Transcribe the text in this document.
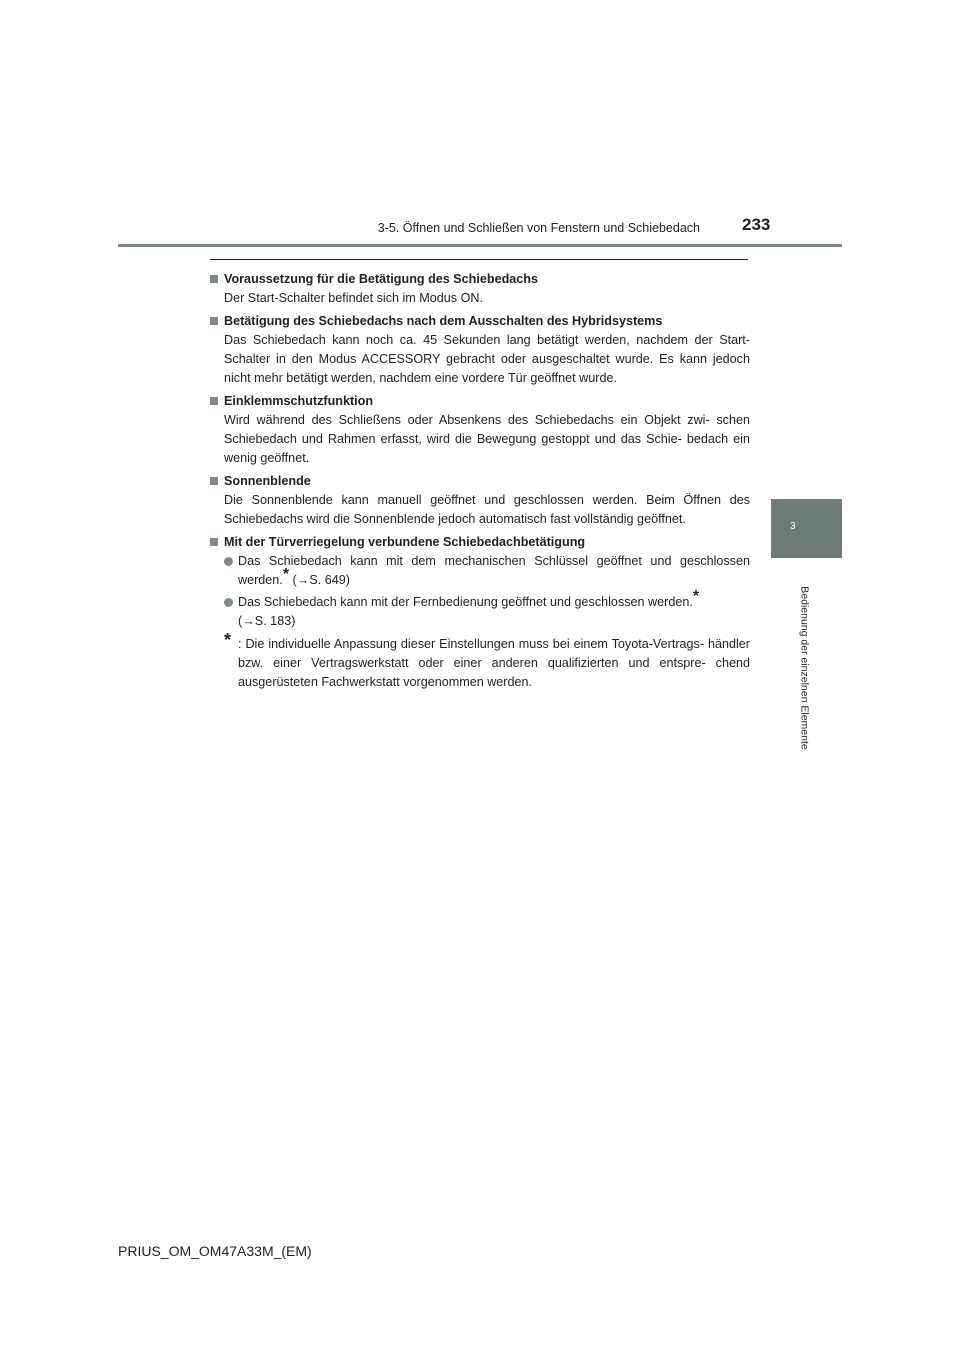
3-5. Öffnen und Schließen von Fenstern und Schiebedach 233
3
Bedienung der einzelnen Elemente
Voraussetzung für die Betätigung des Schiebedachs
Der Start-Schalter befindet sich im Modus ON.
Betätigung des Schiebedachs nach dem Ausschalten des Hybridsystems
Das Schiebedach kann noch ca. 45 Sekunden lang betätigt werden, nachdem der Start-Schalter in den Modus ACCESSORY gebracht oder ausgeschaltet wurde. Es kann jedoch nicht mehr betätigt werden, nachdem eine vordere Tür geöffnet wurde.
Einklemmschutzfunktion
Wird während des Schließens oder Absenkens des Schiebedachs ein Objekt zwi- schen Schiebedach und Rahmen erfasst, wird die Bewegung gestoppt und das Schie- bedach ein wenig geöffnet.
Sonnenblende
Die Sonnenblende kann manuell geöffnet und geschlossen werden. Beim Öffnen des Schiebedachs wird die Sonnenblende jedoch automatisch fast vollständig geöffnet.
Mit der Türverriegelung verbundene Schiebedachbetätigung
Das Schiebedach kann mit dem mechanischen Schlüssel geöffnet und geschlossen werden.* (→S. 649)
Das Schiebedach kann mit der Fernbedienung geöffnet und geschlossen werden.*
(→S. 183)
* : Die individuelle Anpassung dieser Einstellungen muss bei einem Toyota-Vertrags- händler bzw. einer Vertragswerkstatt oder einer anderen qualifizierten und entspre- chend ausgerüsteten Fachwerkstatt vorgenommen werden.
PRIUS_OM_OM47A33M_(EM)
